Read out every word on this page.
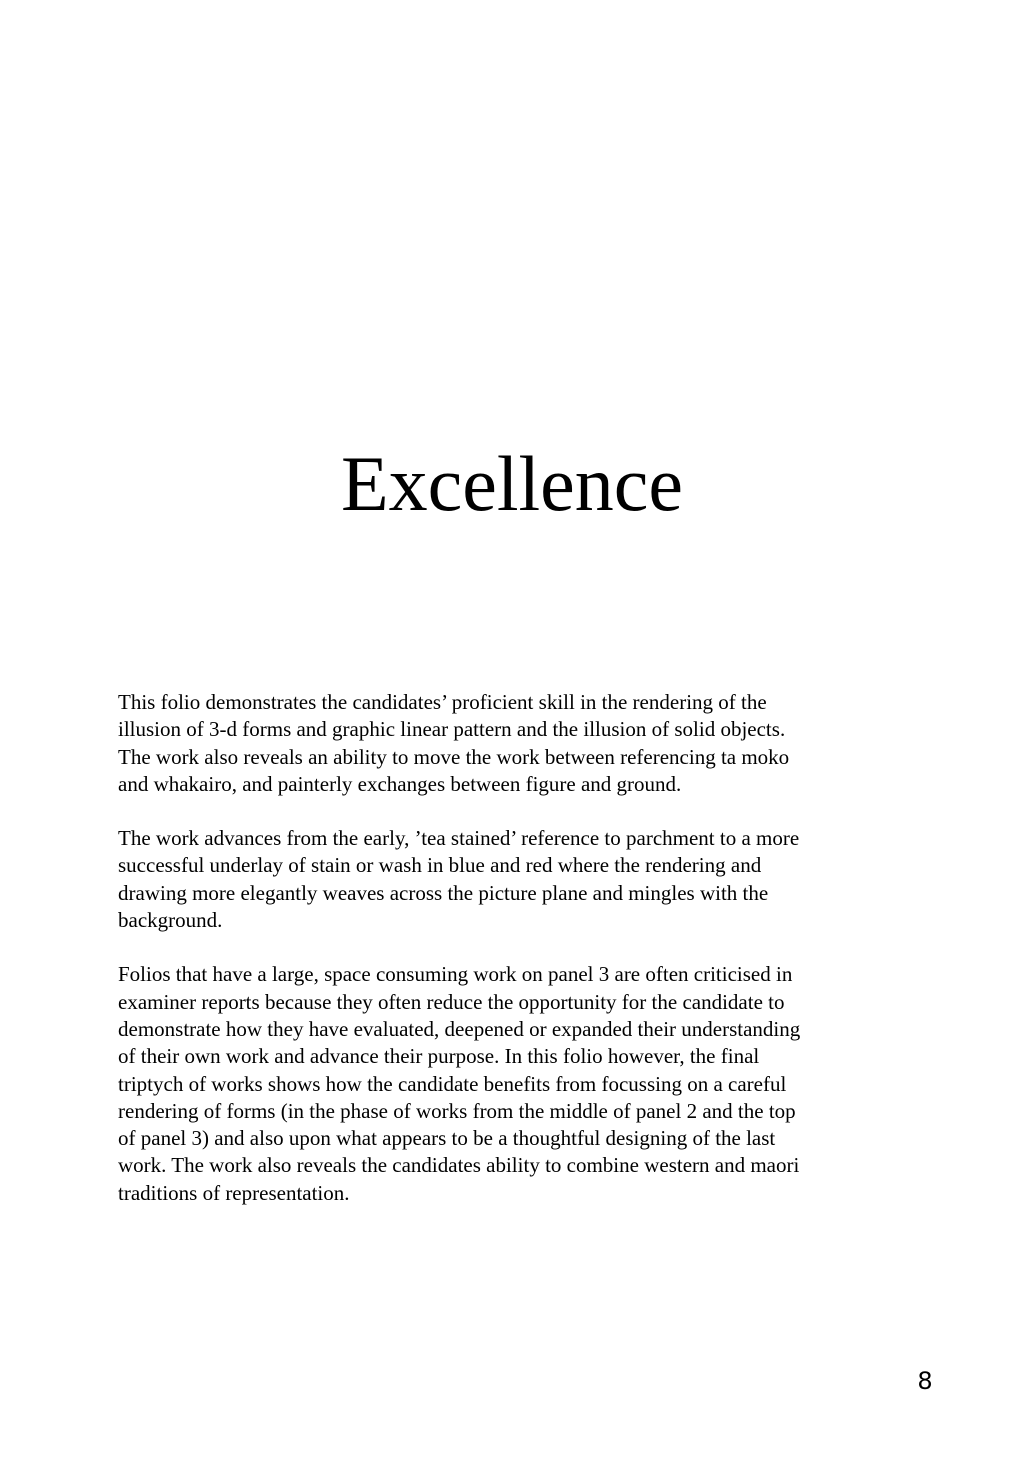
Excellence

This folio demonstrates the candidates’ proficient skill in the rendering of the
illusion of 3-d forms and graphic linear pattern and the illusion of solid objects.
The work also reveals an ability to move the work between referencing ta moko
and whakairo, and painterly exchanges between figure and ground.

The work advances from the early, ’tea stained’ reference to parchment to a more
successful underlay of stain or wash in blue and red where the rendering and
drawing more elegantly weaves across the picture plane and mingles with the
background.

Folios that have a large, space consuming work on panel 3 are often criticised in
examiner reports because they often reduce the opportunity for the candidate to
demonstrate how they have evaluated, deepened or expanded their understanding
of their own work and advance their purpose. In this folio however, the final
triptych of works shows how the candidate benefits from focussing on a careful
rendering of forms (in the phase of works from the middle of panel 2 and the top
of panel 3) and also upon what appears to be a thoughtful designing of the last
work. The work also reveals the candidates ability to combine western and maori
traditions of representation.

8
